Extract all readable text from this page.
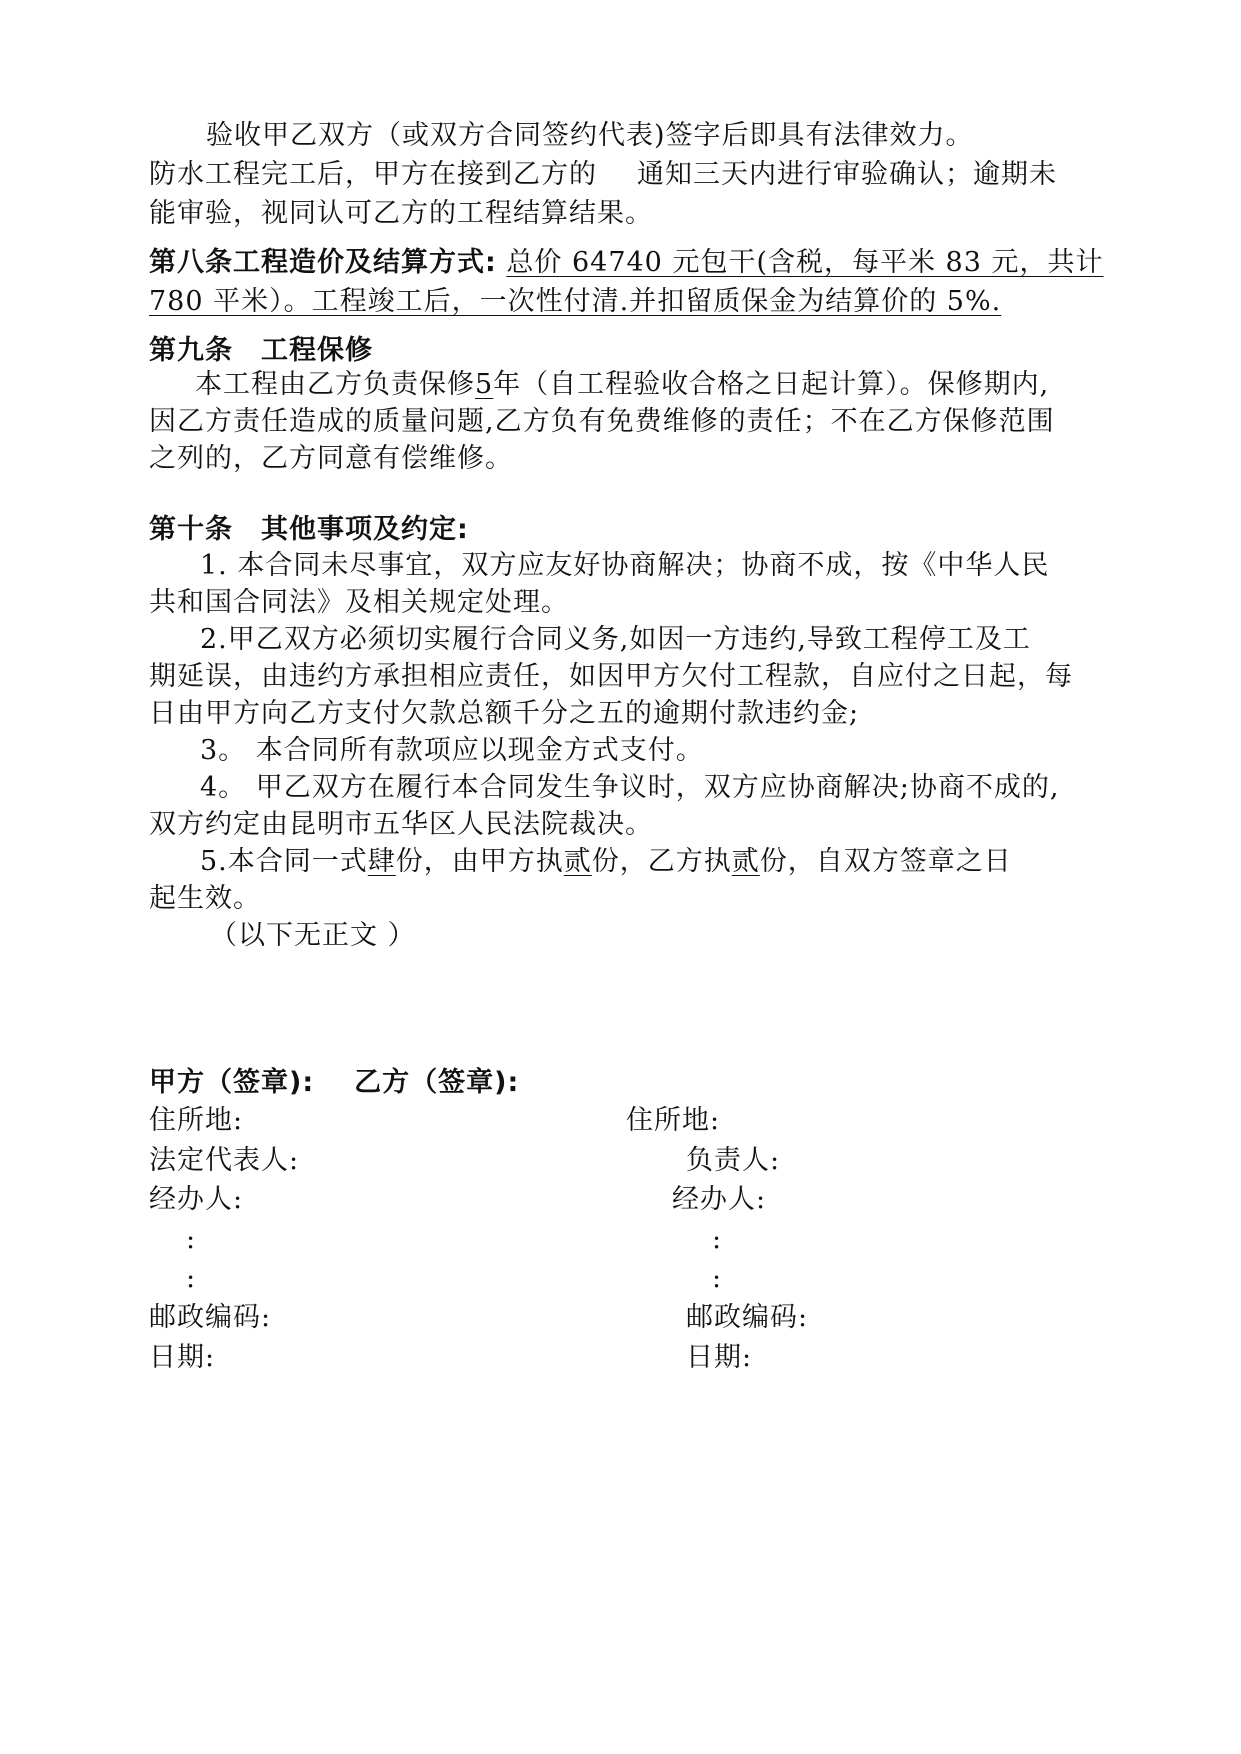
验收甲乙双方（或双方合同签约代表)签字后即具有法律效力。
防水工程完工后，甲方在接到乙方的 通知三天内进行审验确认；逾期未
能审验，视同认可乙方的工程结算结果。
第八条工程造价及结算方式: 总价 64740 元包干(含税，每平米 83 元，共计
780 平米）。工程竣工后，一次性付清.并扣留质保金为结算价的 5%.
第九条 工程保修
本工程由乙方负责保修5年（自工程验收合格之日起计算）。保修期内,
因乙方责任造成的质量问题,乙方负有免费维修的责任；不在乙方保修范围
之列的，乙方同意有偿维修。
第十条 其他事项及约定:
1. 本合同未尽事宜，双方应友好协商解决；协商不成，按《中华人民
共和国合同法》及相关规定处理。
2.甲乙双方必须切实履行合同义务,如因一方违约,导致工程停工及工
期延误，由违约方承担相应责任，如因甲方欠付工程款，自应付之日起，每
日由甲方向乙方支付欠款总额千分之五的逾期付款违约金;
3。 本合同所有款项应以现金方式支付。
4。 甲乙双方在履行本合同发生争议时，双方应协商解决;协商不成的,
双方约定由昆明市五华区人民法院裁决。
5.本合同一式肆份，由甲方执贰份，乙方执贰份，自双方签章之日
起生效。
（以下无正文 ）
甲方（签章): 乙方（签章):
住所地:
法定代表人:
经办人:
:
:
邮政编码:
日期:
住所地:
负责人:
经办人:
:
:
邮政编码:
日期:
